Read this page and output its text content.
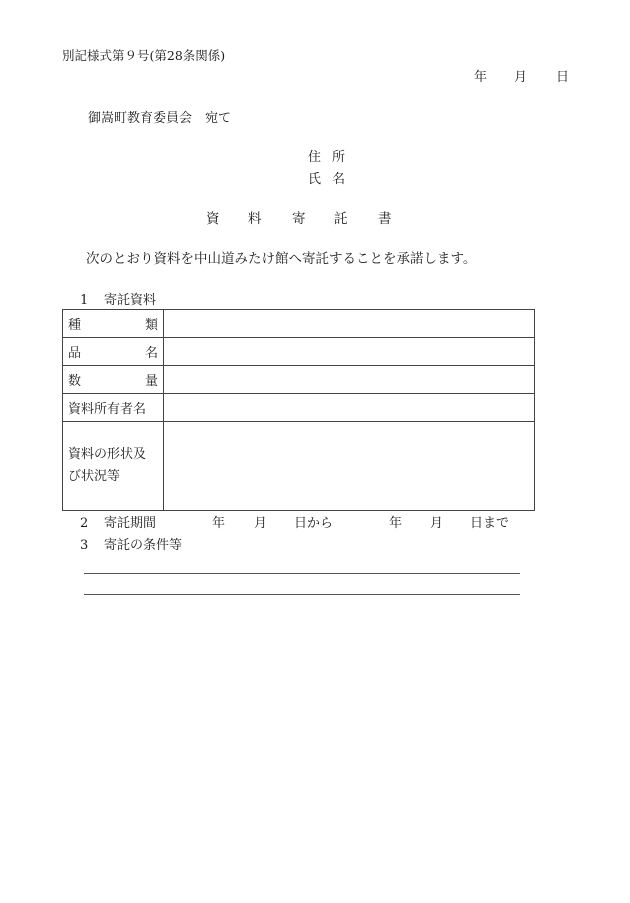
別記様式第９号(第28条関係)
年 月 日
御嵩町教育委員会　宛て
住所
氏名
資 料 寄 託 書
次のとおり資料を中山道みたけ館へ寄託することを承諾します。
1 寄託資料
種 類	

品 名	

数 量	

資料所有者名	
資料の形状及び状況等	
2 寄託期間	年 月 日から	年 月 日まで
3 寄託の条件等
